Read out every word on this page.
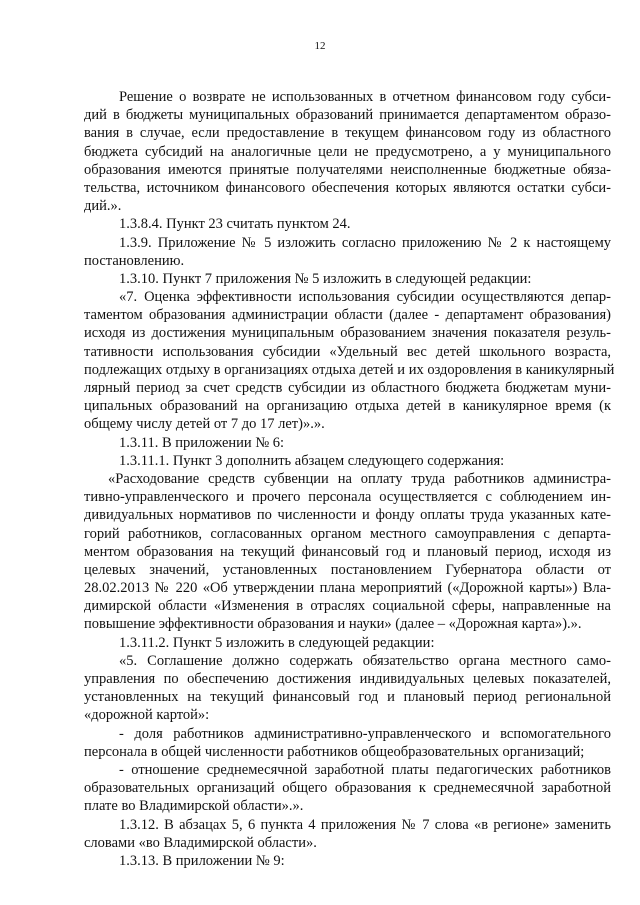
12
Решение о возврате не использованных в отчетном финансовом году субси-
дий в бюджеты муниципальных образований принимается департаментом образо-
вания в случае, если предоставление в текущем финансовом году из областного
бюджета субсидий на аналогичные цели не предусмотрено, а у муниципального
образования имеются принятые получателями неисполненные бюджетные обяза-
тельства, источником финансового обеспечения которых являются остатки субси-
дий.».
1.3.8.4. Пункт 23 считать пунктом 24.
1.3.9. Приложение № 5 изложить согласно приложению № 2 к настоящему
постановлению.
1.3.10. Пункт 7 приложения № 5 изложить в следующей редакции:
«7. Оценка эффективности использования субсидии осуществляются депар-
таментом образования администрации области (далее - департамент образования)
исходя из достижения муниципальным образованием значения показателя резуль-
тативности использования субсидии «Удельный вес детей школьного возраста,
подлежащих отдыху в организациях отдыха детей и их оздоровления в каникулярный
лярный период за счет средств субсидии из областного бюджета бюджетам муни-
ципальных образований на организацию отдыха детей в каникулярное время (к
общему числу детей от 7 до 17 лет)».».
1.3.11. В приложении № 6:
1.3.11.1. Пункт 3 дополнить абзацем следующего содержания:
«Расходование средств субвенции на оплату труда работников администра-
тивно-управленческого и прочего персонала осуществляется с соблюдением ин-
дивидуальных нормативов по численности и фонду оплаты труда указанных кате-
горий работников, согласованных органом местного самоуправления с департа-
ментом образования на текущий финансовый год и плановый период, исходя из
целевых значений, установленных постановлением Губернатора области от
28.02.2013 № 220 «Об утверждении плана мероприятий («Дорожной карты») Вла-
димирской области «Изменения в отраслях социальной сферы, направленные на
повышение эффективности образования и науки» (далее – «Дорожная карта»).».
1.3.11.2. Пункт 5 изложить в следующей редакции:
«5. Соглашение должно содержать обязательство органа местного само-
управления по обеспечению достижения индивидуальных целевых показателей,
установленных на текущий финансовый год и плановый период региональной
«дорожной картой»:
- доля работников административно-управленческого и вспомогательного
персонала в общей численности работников общеобразовательных организаций;
- отношение среднемесячной заработной платы педагогических работников
образовательных организаций общего образования к среднемесячной заработной
плате во Владимирской области».».
1.3.12. В абзацах 5, 6 пункта 4 приложения № 7 слова «в регионе» заменить
словами «во Владимирской области».
1.3.13. В приложении № 9:
